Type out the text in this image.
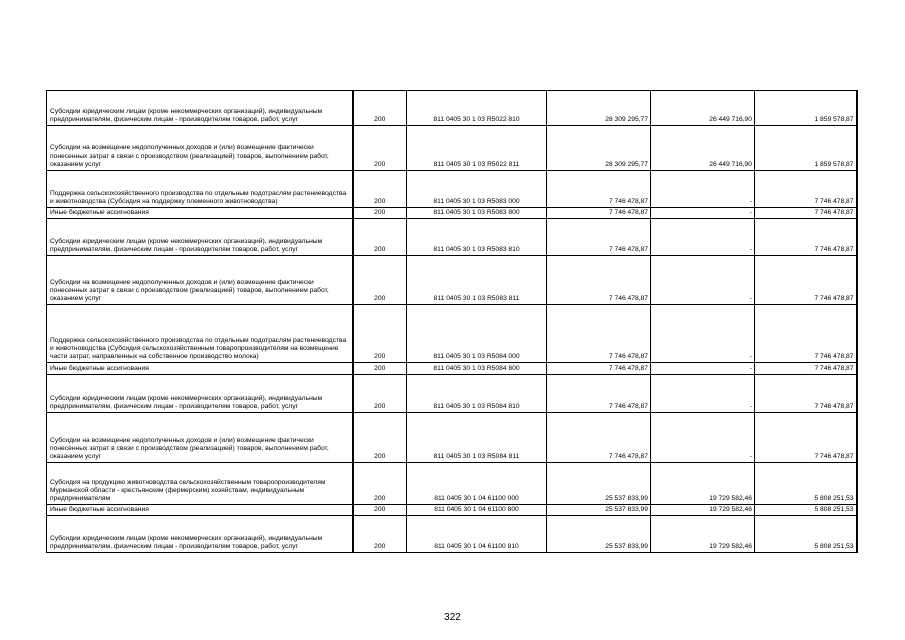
Субсидии юридическим лицам (кроме некоммерческих организаций), индивидуальным предпринимателям, физическим лицам - производителям товаров, работ, услуг	200	811 0405 30 1 03 R5022 810	28 309 295,77	26 449 716,90	1 859 578,87
Субсидии на возмещение недополученных доходов и (или) возмещение фактически понесенных затрат в связи с производством (реализацией) товаров, выполнением работ, оказанием услуг	200	811 0405 30 1 03 R5022 811	28 309 295,77	26 449 716,90	1 859 578,87
Поддержка сельскохозяйственного производства по отдельным подотраслям растениеводства и животноводства (Субсидия на поддержку племенного животноводства)	200	811 0405 30 1 03 R5083 000	7 746 478,87	-	7 746 478,87
Иные бюджетные ассигнования	200	811 0405 30 1 03 R5083 800	7 746 478,87	-	7 746 478,87
Субсидии юридическим лицам (кроме некоммерческих организаций), индивидуальным предпринимателям, физическим лицам - производителям товаров, работ, услуг	200	811 0405 30 1 03 R5083 810	7 746 478,87	-	7 746 478,87
Субсидии на возмещение недополученных доходов и (или) возмещение фактически понесенных затрат в связи с производством (реализацией) товаров, выполнением работ, оказанием услуг	200	811 0405 30 1 03 R5083 811	7 746 478,87	-	7 746 478,87
Поддержка сельскохозяйственного производства по отдельным подотраслям растениеводства и животноводства (Субсидия сельскохозяйственным товаропроизводителям на возмещение части затрат, направленных на собственное производство молока)	200	811 0405 30 1 03 R5084 000	7 746 478,87	-	7 746 478,87
Иные бюджетные ассигнования	200	811 0405 30 1 03 R5084 800	7 746 478,87	-	7 746 478,87
Субсидии юридическим лицам (кроме некоммерческих организаций), индивидуальным предпринимателям, физическим лицам - производителям товаров, работ, услуг	200	811 0405 30 1 03 R5084 810	7 746 478,87	-	7 746 478,87
Субсидии на возмещение недополученных доходов и (или) возмещение фактически понесенных затрат в связи с производством (реализацией) товаров, выполнением работ, оказанием услуг	200	811 0405 30 1 03 R5084 811	7 746 478,87	-	7 746 478,87
Субсидия на продукцию животноводства сельскохозяйственным товаропроизводителям Мурманской области - крестьянским (фермерским) хозяйствам, индивидуальным предпринимателям	200	811 0405 30 1 04 61100 000	25 537 833,99	19 729 582,46	5 808 251,53
Иные бюджетные ассигнования	200	811 0405 30 1 04 61100 800	25 537 833,99	19 729 582,46	5 808 251,53
Субсидии юридическим лицам (кроме некоммерческих организаций), индивидуальным предпринимателям, физическим лицам - производителям товаров, работ, услуг	200	811 0405 30 1 04 61100 810	25 537 833,99	19 729 582,46	5 808 251,53
322
